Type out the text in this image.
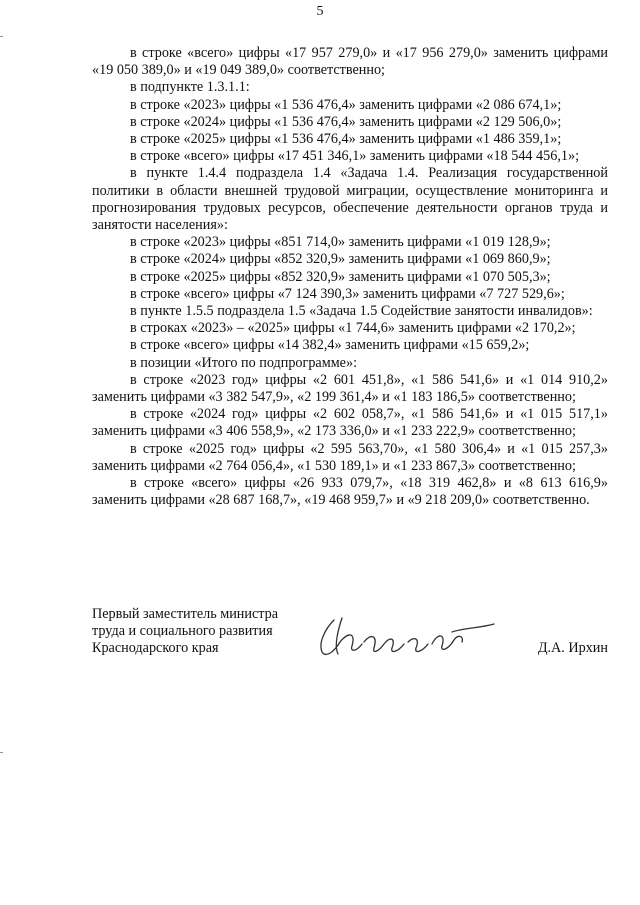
5

в строке «всего» цифры «17 957 279,0» и «17 956 279,0» заменить цифрами «19 050 389,0» и «19 049 389,0» соответственно;

в подпункте 1.3.1.1:

в строке «2023» цифры «1 536 476,4» заменить цифрами «2 086 674,1»;

в строке «2024» цифры «1 536 476,4» заменить цифрами «2 129 506,0»;

в строке «2025» цифры «1 536 476,4» заменить цифрами «1 486 359,1»;

в строке «всего» цифры «17 451 346,1» заменить цифрами «18 544 456,1»;

в пункте 1.4.4 подраздела 1.4 «Задача 1.4. Реализация государственной политики в области внешней трудовой миграции, осуществление мониторинга и прогнозирования трудовых ресурсов, обеспечение деятельности органов труда и занятости населения»:

в строке «2023» цифры «851 714,0» заменить цифрами «1 019 128,9»;

в строке «2024» цифры «852 320,9» заменить цифрами «1 069 860,9»;

в строке «2025» цифры «852 320,9» заменить цифрами «1 070 505,3»;

в строке «всего» цифры «7 124 390,3» заменить цифрами «7 727 529,6»;

в пункте 1.5.5 подраздела 1.5 «Задача 1.5 Содействие занятости инвалидов»:

в строках «2023» – «2025» цифры «1 744,6» заменить цифрами «2 170,2»;

в строке «всего» цифры «14 382,4» заменить цифрами «15 659,2»;

в позиции «Итого по подпрограмме»:

в строке «2023 год» цифры «2 601 451,8», «1 586 541,6» и «1 014 910,2» заменить цифрами «3 382 547,9», «2 199 361,4» и «1 183 186,5» соответственно;

в строке «2024 год» цифры «2 602 058,7», «1 586 541,6» и «1 015 517,1» заменить цифрами «3 406 558,9», «2 173 336,0» и «1 233 222,9» соответственно;

в строке «2025 год» цифры «2 595 563,70», «1 580 306,4» и «1 015 257,3» заменить цифрами «2 764 056,4», «1 530 189,1» и «1 233 867,3» соответственно;

в строке «всего» цифры «26 933 079,7», «18 319 462,8» и «8 613 616,9» заменить цифрами «28 687 168,7», «19 468 959,7» и «9 218 209,0» соответственно.

Первый заместитель министра
труда и социального развития
Краснодарского края	Д.А. Ирхин
